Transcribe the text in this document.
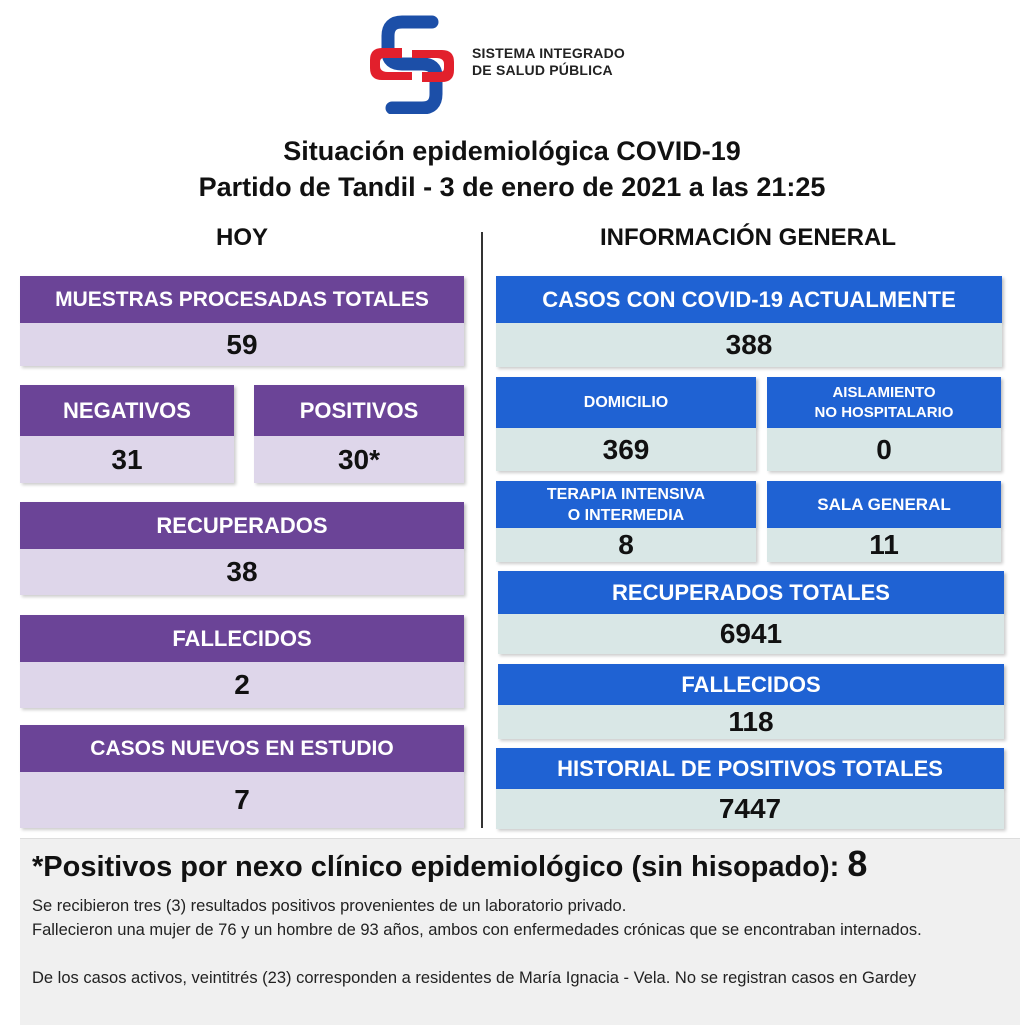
SISTEMA INTEGRADO
DE SALUD PÚBLICA
Situación epidemiológica COVID-19
Partido de Tandil - 3 de enero de 2021 a las 21:25
HOY	INFORMACIÓN GENERAL
MUESTRAS PROCESADAS TOTALES
59
NEGATIVOS
31
POSITIVOS
30*
RECUPERADOS
38
FALLECIDOS
2
CASOS NUEVOS EN ESTUDIO
7
CASOS CON COVID-19 ACTUALMENTE
388
DOMICILIO
369
AISLAMIENTO
NO HOSPITALARIO
0
TERAPIA INTENSIVA
O INTERMEDIA
8
SALA GENERAL
11
RECUPERADOS TOTALES
6941
FALLECIDOS
118
HISTORIAL DE POSITIVOS TOTALES
7447
*Positivos por nexo clínico epidemiológico (sin hisopado): 8
Se recibieron tres (3) resultados positivos provenientes de un laboratorio privado.
Fallecieron una mujer de 76 y un hombre de 93 años, ambos con enfermedades crónicas que se encontraban internados.
De los casos activos, veintitrés (23) corresponden a residentes de María Ignacia - Vela. No se registran casos en Gardey
